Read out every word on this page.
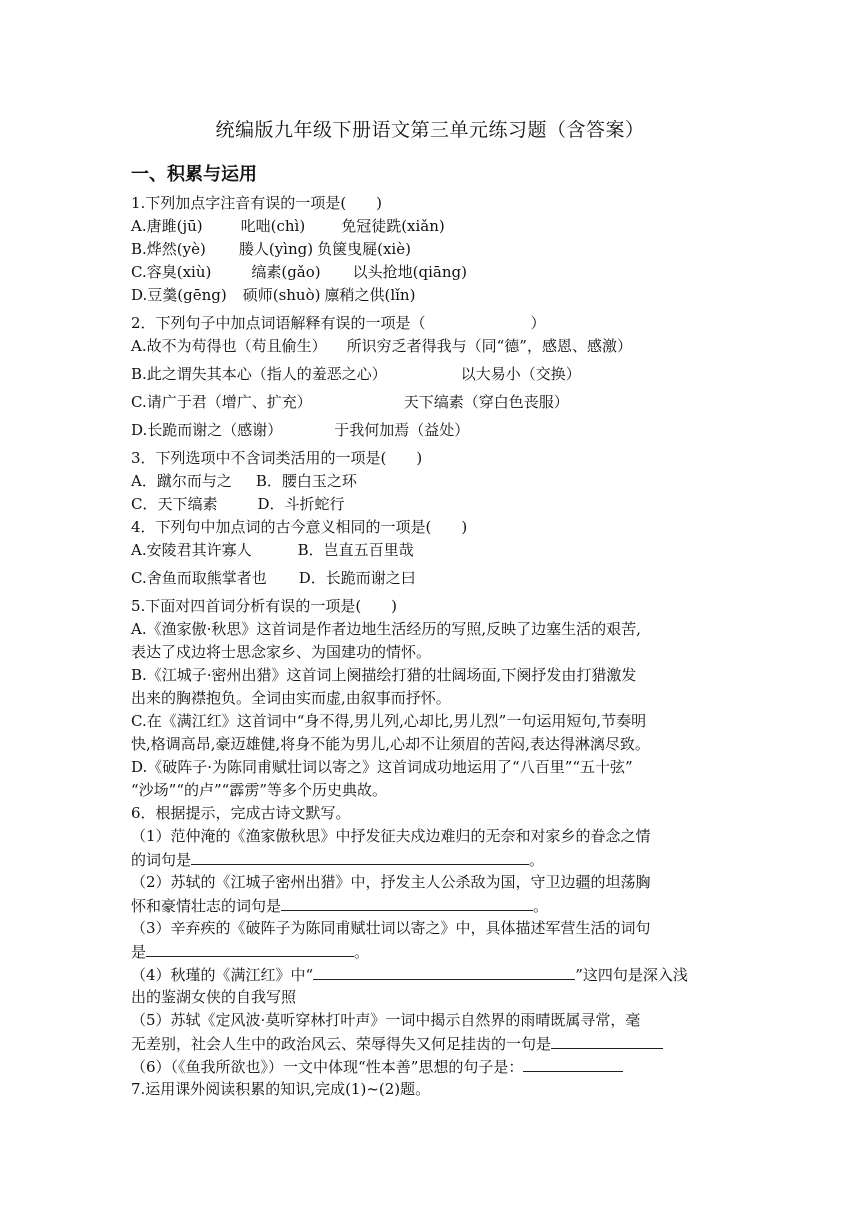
统编版九年级下册语文第三单元练习题（含答案）
一、积累与运用
1.下列加点字注音有误的一项是(　　)
A.唐雎(jū)	叱咄(chì) 免冠徒跣(xiǎn)
B.烨然(yè) 媵人(yìng) 负箧曳屣(xiè)
C.容臭(xiù)	缟素(gǎo) 以头抢地(qiāng)
D.豆羹(gēng) 硕师(shuò) 廪稍之供(lǐn)
2．下列句子中加点词语解释有误的一项是（　　　　　　　）
A.故不为苟得也（苟且偷生） 所识穷乏者得我与（同“德”，感恩、感激）
B.此之谓失其本心（指人的羞恶之心）	以大易小（交换）
C.请广于君（增广、扩充）	天下缟素（穿白色丧服）
D.长跪而谢之（感谢）	于我何加焉（益处）
3．下列选项中不含词类活用的一项是(　　)
A．蹴尔而与之 B．腰白玉之环
C．天下缟素	D．斗折蛇行
4．下列句中加点词的古今意义相同的一项是(　　)
A.安陵君其许寡人	B．岂直五百里哉
C.舍鱼而取熊掌者也 D．长跪而谢之曰
5.下面对四首词分析有误的一项是(　　)
A.《渔家傲·秋思》这首词是作者边地生活经历的写照,反映了边塞生活的艰苦,
表达了戍边将士思念家乡、为国建功的情怀。
B.《江城子·密州出猎》这首词上阕描绘打猎的壮阔场面,下阕抒发由打猎激发
出来的胸襟抱负。全词由实而虚,由叙事而抒怀。
C.在《满江红》这首词中“身不得,男儿列,心却比,男儿烈”一句运用短句,节奏明
快,格调高昂,豪迈雄健,将身不能为男儿,心却不让须眉的苦闷,表达得淋漓尽致。
D.《破阵子·为陈同甫赋壮词以寄之》这首词成功地运用了“八百里”“五十弦”
“沙场”“的卢”“霹雳”等多个历史典故。
6．根据提示，完成古诗文默写。
（1）范仲淹的《渔家傲秋思》中抒发征夫戍边难归的无奈和对家乡的眷念之情
的词句是	。
（2）苏轼的《江城子密州出猎》中，抒发主人公杀敌为国，守卫边疆的坦荡胸
怀和豪情壮志的词句是	。
（3）辛弃疾的《破阵子为陈同甫赋壮词以寄之》中，具体描述军营生活的词句
是	。
（4）秋瑾的《满江红》中“	”这四句是深入浅
出的鉴湖女侠的自我写照
（5）苏轼《定风波·莫听穿林打叶声》一词中揭示自然界的雨晴既属寻常，毫
无差别，社会人生中的政治风云、荣辱得失又何足挂齿的一句是
（6）（《鱼我所欲也》）一文中体现“性本善”思想的句子是：
7.运用课外阅读积累的知识,完成(1)~(2)题。
